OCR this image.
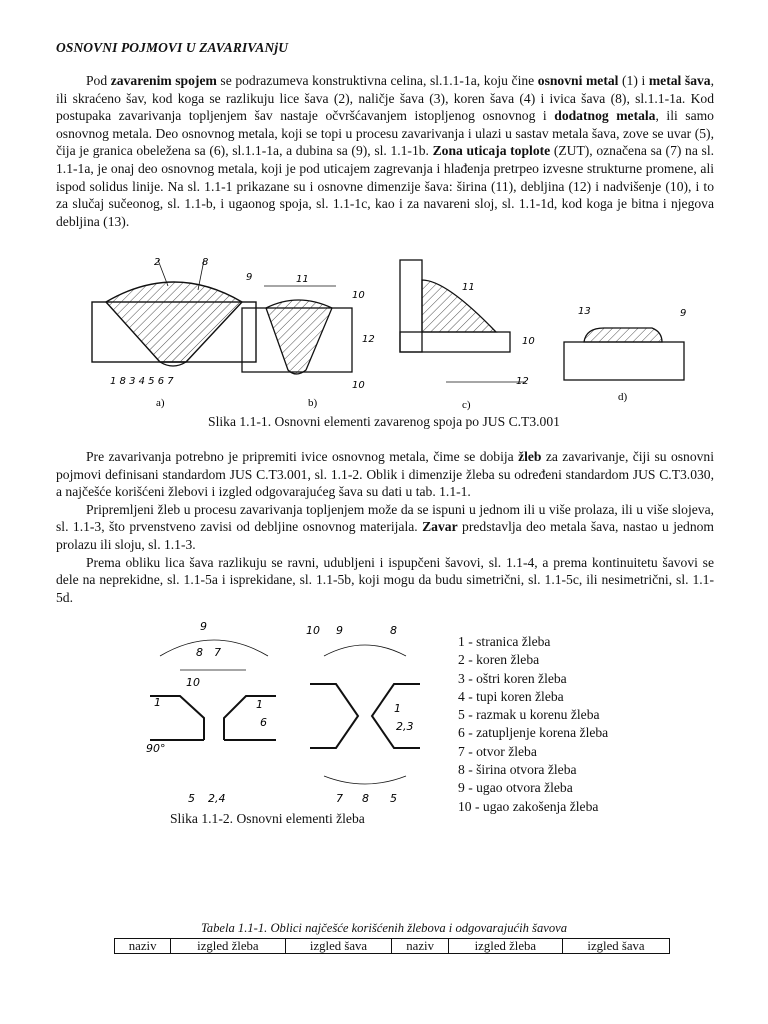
OSNOVNI POJMOVI U ZAVARIVANjU

Pod zavarenim spojem se podrazumeva konstruktivna celina, sl.1.1-1a, koju čine osnovni metal (1) i metal šava, ili skraćeno šav, kod koga se razlikuju lice šava (2), naličje šava (3), koren šava (4) i ivica šava (8), sl.1.1-1a. Kod postupaka zavarivanja topljenjem šav nastaje očvršćavanjem istopljenog osnovnog i dodatnog metala, ili samo osnovnog metala. Deo osnovnog metala, koji se topi u procesu zavarivanja i ulazi u sastav metala šava, zove se uvar (5), čija je granica obeležena sa (6), sl.1.1-1a, a dubina sa (9), sl. 1.1-1b. Zona uticaja toplote (ZUT), označena sa (7) na sl. 1.1-1a, je onaj deo osnovnog metala, koji je pod uticajem zagrevanja i hlađenja pretrpeo izvesne strukturne promene, ali ispod solidus linije. Na sl. 1.1-1 prikazane su i osnovne dimenzije šava: širina (11), debljina (12) i nadvišenje (10), i to za slučaj sučeonog, sl. 1.1-b, i ugaonog spoja, sl. 1.1-1c, kao i za navareni sloj, sl. 1.1-1d, kod koga je bitna i njegova debljina (13).

2	8
1 8 3 4 5 6 7
a)
9	11
10
12
10
b)
11
10
12
c)
13	9
d)
Slika 1.1-1. Osnovni elementi zavarenog spoja po JUS C.T3.001

Pre zavarivanja potrebno je pripremiti ivice osnovnog metala, čime se dobija žleb za zavarivanje, čiji su osnovni pojmovi definisani standardom JUS C.T3.001, sl. 1.1-2. Oblik i dimenzije žleba su određeni standardom JUS C.T3.030, a najčešće korišćeni žlebovi i izgled odgovarajućeg šava su dati u tab. 1.1-1.

Pripremljeni žleb u procesu zavarivanja topljenjem može da se ispuni u jednom ili u više prolaza, ili u više slojeva, sl. 1.1-3, što prvenstveno zavisi od debljine osnovnog materijala. Zavar predstavlja deo metala šava, nastao u jednom prolazu ili sloju, sl. 1.1-3.

Prema obliku lica šava razlikuju se ravni, udubljeni i ispupčeni šavovi, sl. 1.1-4, a prema kontinuitetu šavovi se dele na neprekidne, sl. 1.1-5a i isprekidane, sl. 1.1-5b, koji mogu da budu simetrični, sl. 1.1-5c, ili nesimetrični, sl. 1.1-5d.

9
8 7
10
1	1
6
90°
5 2,4
10 9	8
1
2,3
7 8 5
1 - stranica žleba
2 - koren žleba
3 - oštri koren žleba
4 - tupi koren žleba
5 - razmak u korenu žleba
6 - zatupljenje korena žleba
7 - otvor žleba
8 - širina otvora žleba
9 - ugao otvora žleba
10 - ugao zakošenja žleba
Slika 1.1-2. Osnovni elementi žleba
Tabela 1.1-1. Oblici najčešće korišćenih žlebova i odgovarajućih šavova
naziv	izgled žleba	izgled šava	naziv	izgled žleba	izgled šava
